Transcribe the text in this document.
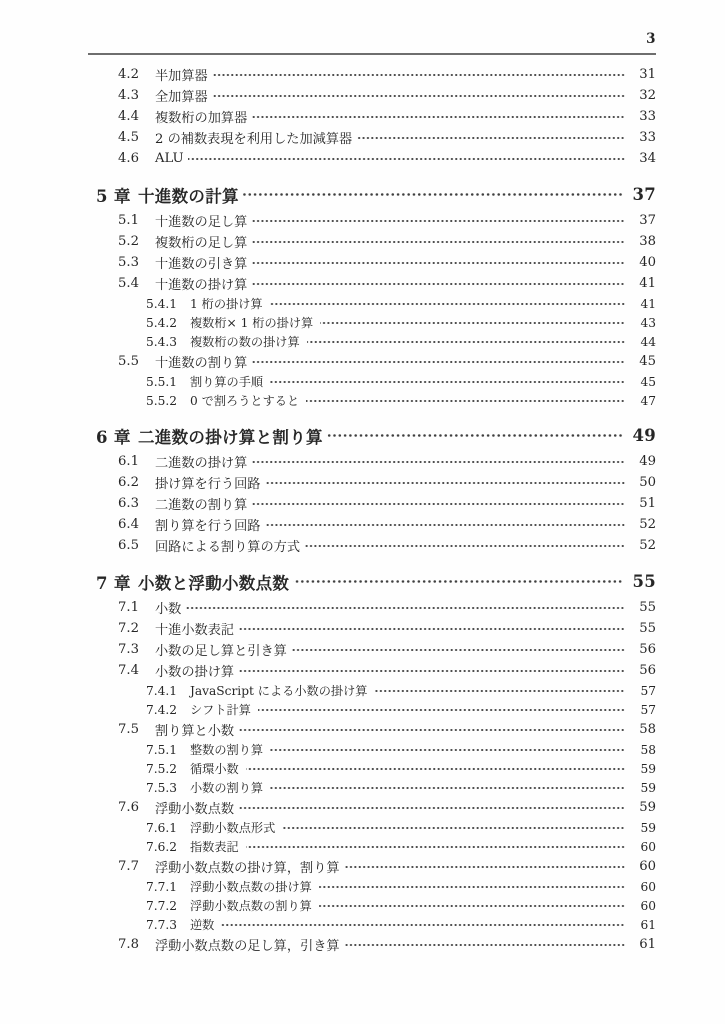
3
4.2	半加算器	31
4.3	全加算器	32
4.4	複数桁の加算器	33
4.5	2 の補数表現を利用した加減算器	33
4.6	ALU	34
5 章 十進数の計算	37
5.1	十進数の足し算	37
5.2	複数桁の足し算	38
5.3	十進数の引き算	40
5.4	十進数の掛け算	41
5.4.1	1 桁の掛け算	41
5.4.2	複数桁× 1 桁の掛け算	43
5.4.3	複数桁の数の掛け算	44
5.5	十進数の割り算	45
5.5.1	割り算の手順	45
5.5.2	0 で割ろうとすると	47
6 章 二進数の掛け算と割り算	49
6.1	二進数の掛け算	49
6.2	掛け算を行う回路	50
6.3	二進数の割り算	51
6.4	割り算を行う回路	52
6.5	回路による割り算の方式	52
7 章 小数と浮動小数点数	55
7.1	小数	55
7.2	十進小数表記	55
7.3	小数の足し算と引き算	56
7.4	小数の掛け算	56
7.4.1	JavaScript による小数の掛け算	57
7.4.2	シフト計算	57
7.5	割り算と小数	58
7.5.1	整数の割り算	58
7.5.2	循環小数	59
7.5.3	小数の割り算	59
7.6	浮動小数点数	59
7.6.1	浮動小数点形式	59
7.6.2	指数表記	60
7.7	浮動小数点数の掛け算，割り算	60
7.7.1	浮動小数点数の掛け算	60
7.7.2	浮動小数点数の割り算	60
7.7.3	逆数	61
7.8	浮動小数点数の足し算，引き算	61
